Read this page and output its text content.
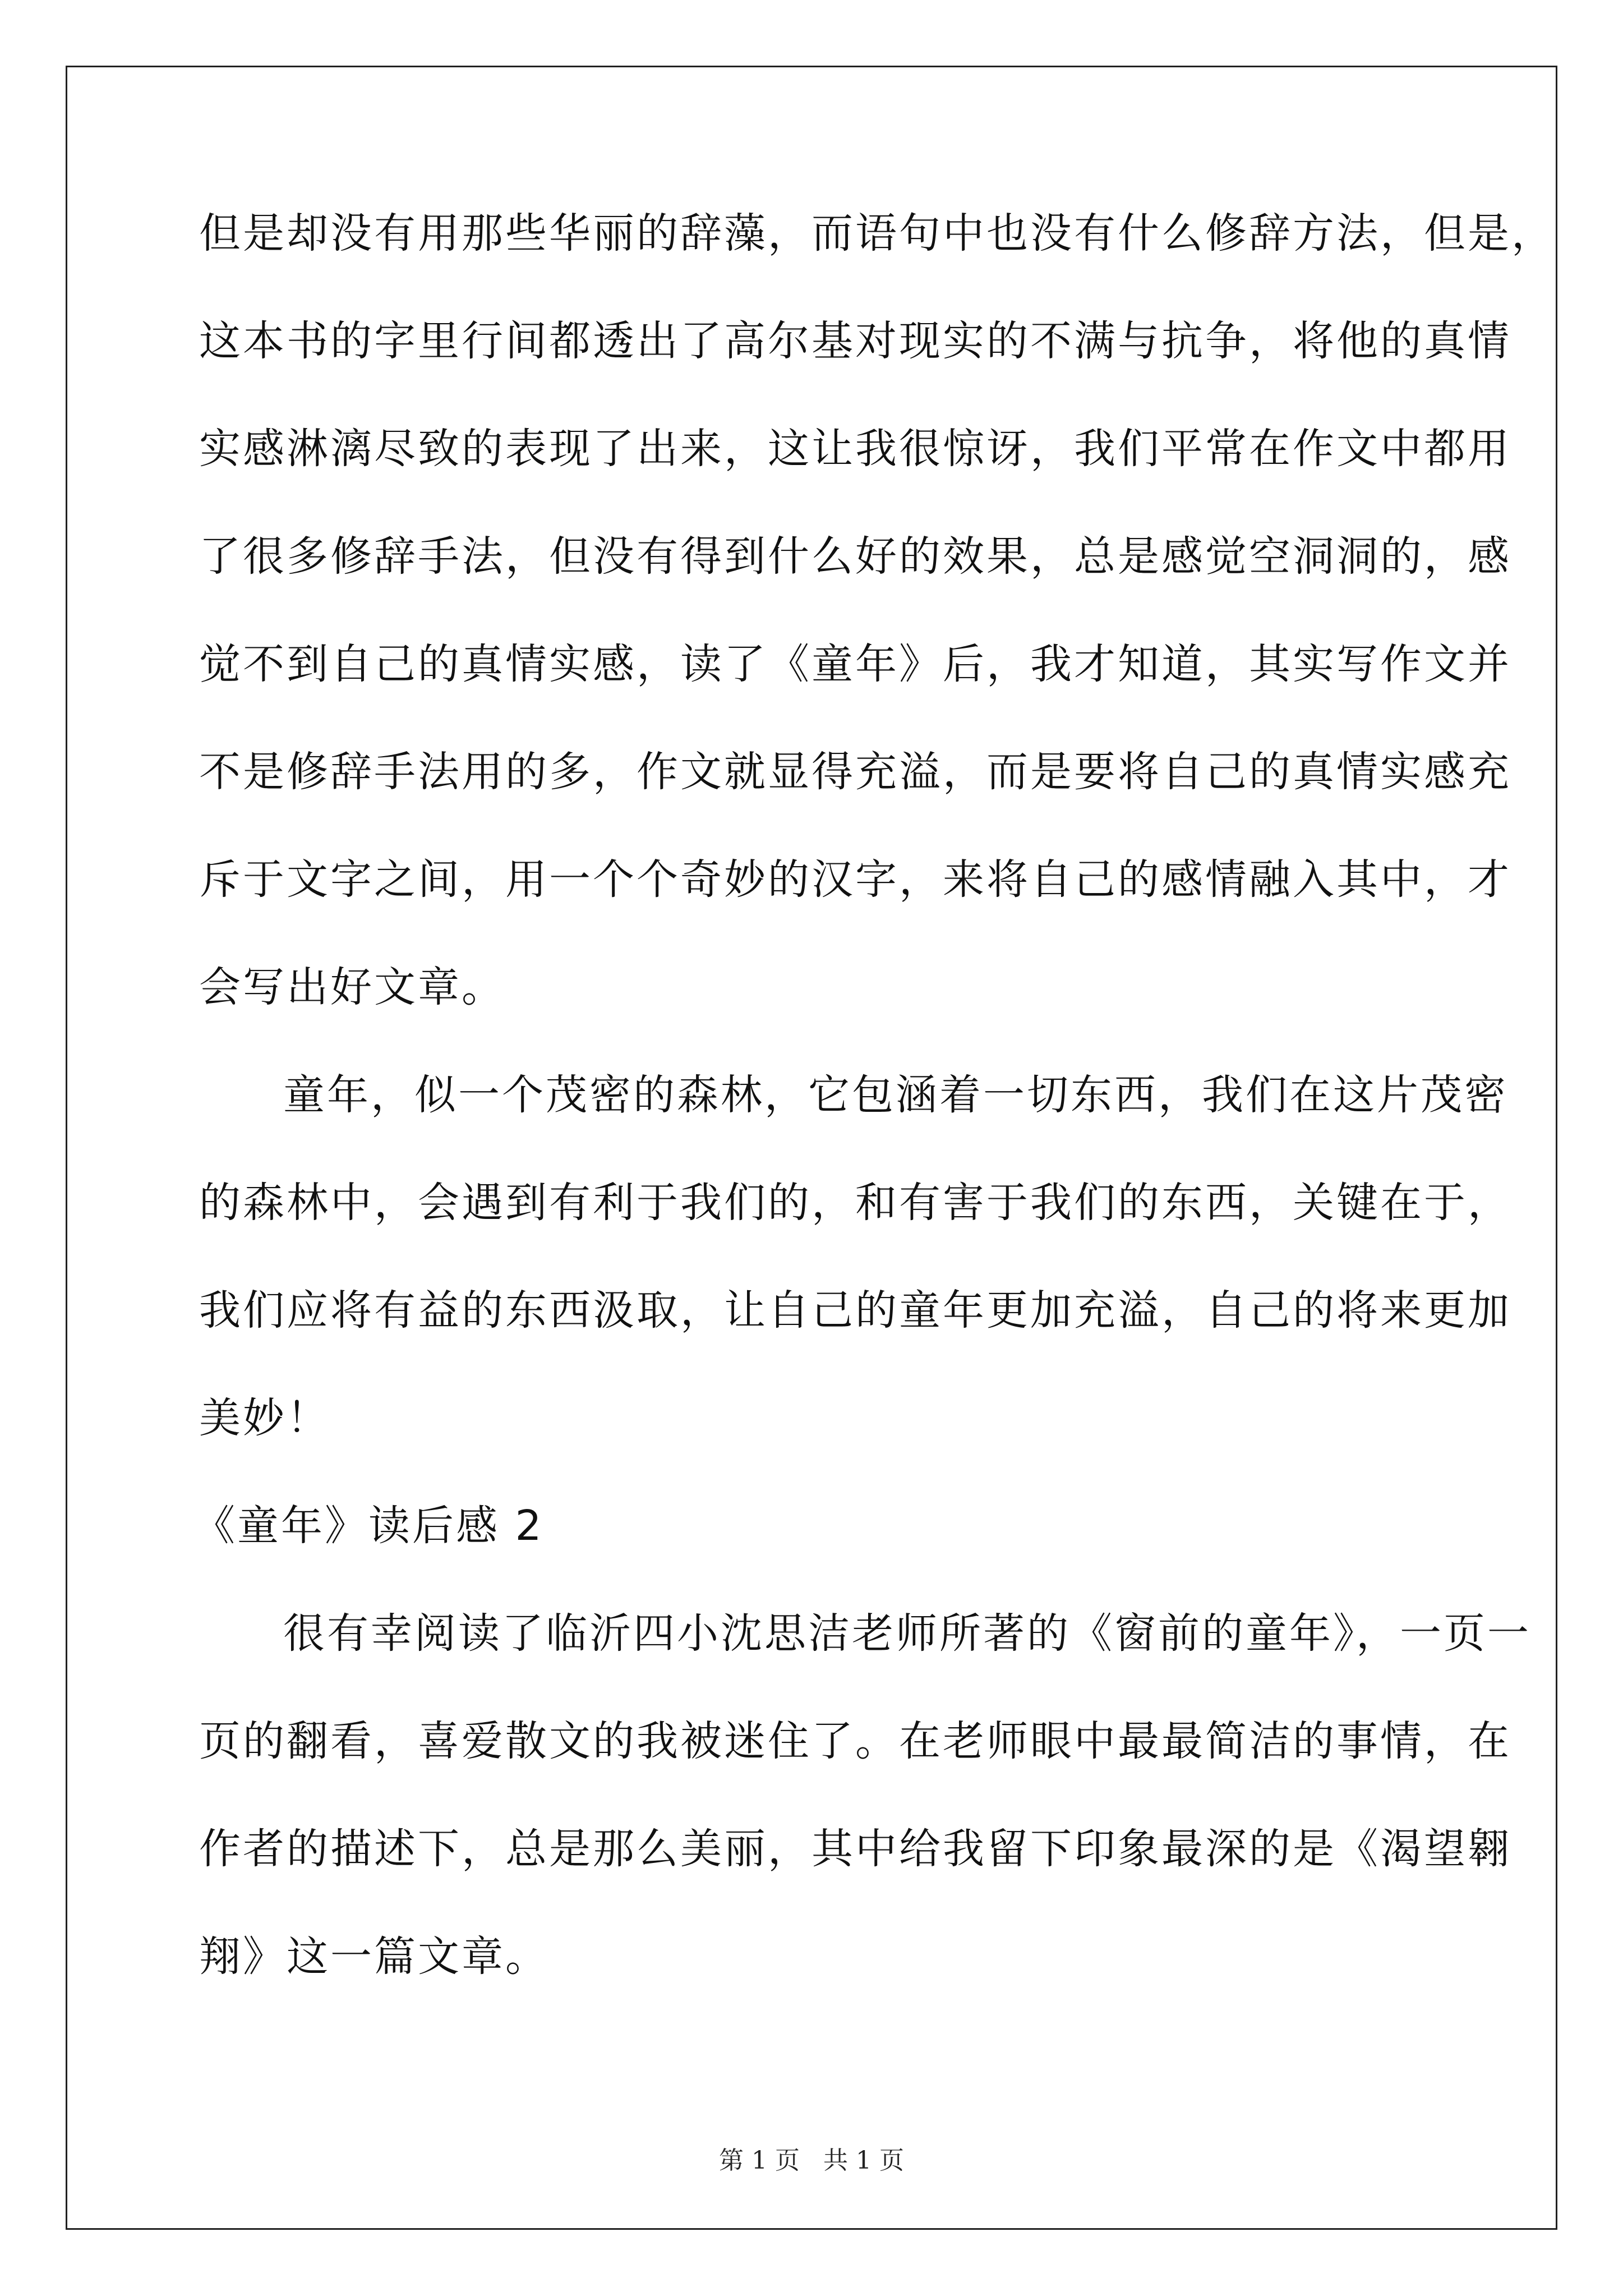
但是却没有用那些华丽的辞藻，而语句中也没有什么修辞方法，但是，
这本书的字里行间都透出了高尔基对现实的不满与抗争，将他的真情
实感淋漓尽致的表现了出来，这让我很惊讶，我们平常在作文中都用
了很多修辞手法，但没有得到什么好的效果，总是感觉空洞洞的，感
觉不到自己的真情实感，读了《童年》后，我才知道，其实写作文并
不是修辞手法用的多，作文就显得充溢，而是要将自己的真情实感充
斥于文字之间，用一个个奇妙的汉字，来将自己的感情融入其中，才
会写出好文章。
童年，似一个茂密的森林，它包涵着一切东西，我们在这片茂密
的森林中，会遇到有利于我们的，和有害于我们的东西，关键在于，
我们应将有益的东西汲取，让自己的童年更加充溢，自己的将来更加
美妙！
《童年》读后感 2
很有幸阅读了临沂四小沈思洁老师所著的《窗前的童年》，一页一
页的翻看，喜爱散文的我被迷住了。在老师眼中最最简洁的事情，在
作者的描述下，总是那么美丽，其中给我留下印象最深的是《渴望翱
翔》这一篇文章。
第 1 页   共 1 页
